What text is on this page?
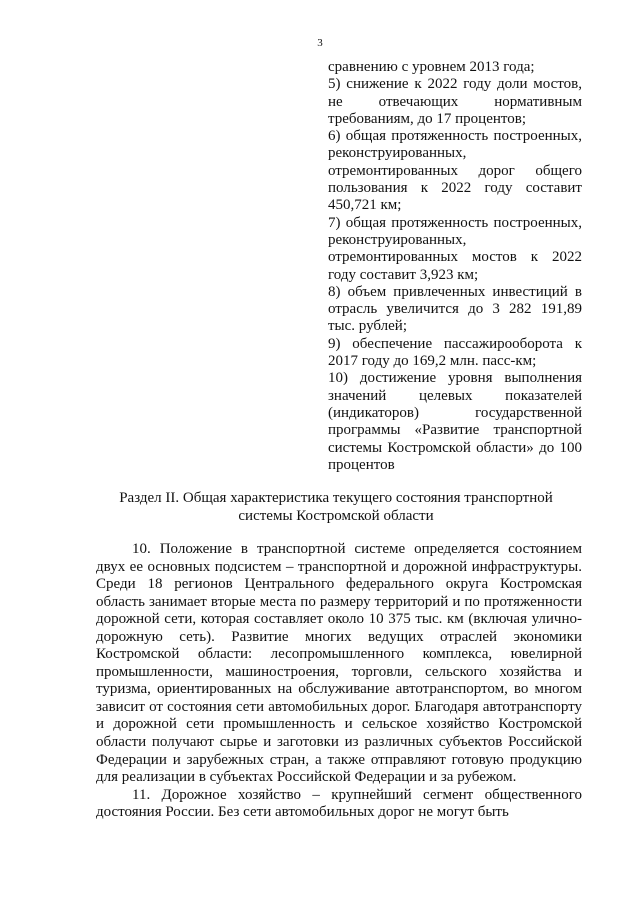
3
сравнению с уровнем 2013 года;
5) снижение к 2022 году доли мостов, не отвечающих нормативным требованиям, до 17 процентов;
6) общая протяженность построенных, реконструированных, отремонтированных дорог общего пользования к 2022 году составит 450,721 км;
7) общая протяженность построенных, реконструированных, отремонтированных мостов к 2022 году составит 3,923 км;
8) объем привлеченных инвестиций в отрасль увеличится до 3 282 191,89 тыс. рублей;
9) обеспечение пассажирооборота к 2017 году до 169,2 млн. пасс-км;
10) достижение уровня выполнения значений целевых показателей (индикаторов) государственной программы «Развитие транспортной системы Костромской области» до 100 процентов
Раздел II. Общая характеристика текущего состояния транспортной
системы Костромской области

10. Положение в транспортной системе определяется состоянием двух ее основных подсистем – транспортной и дорожной инфраструктуры. Среди 18 регионов Центрального федерального округа Костромская область занимает вторые места по размеру территорий и по протяженности дорожной сети, которая составляет около 10 375 тыс. км (включая улично-дорожную сеть). Развитие многих ведущих отраслей экономики Костромской области: лесопромышленного комплекса, ювелирной промышленности, машиностроения, торговли, сельского хозяйства и туризма, ориентированных на обслуживание автотранспортом, во многом зависит от состояния сети автомобильных дорог. Благодаря автотранспорту и дорожной сети промышленность и сельское хозяйство Костромской области получают сырье и заготовки из различных субъектов Российской Федерации и зарубежных стран, а также отправляют готовую продукцию для реализации в субъектах Российской Федерации и за рубежом.

11. Дорожное хозяйство – крупнейший сегмент общественного достояния России. Без сети автомобильных дорог не могут быть
